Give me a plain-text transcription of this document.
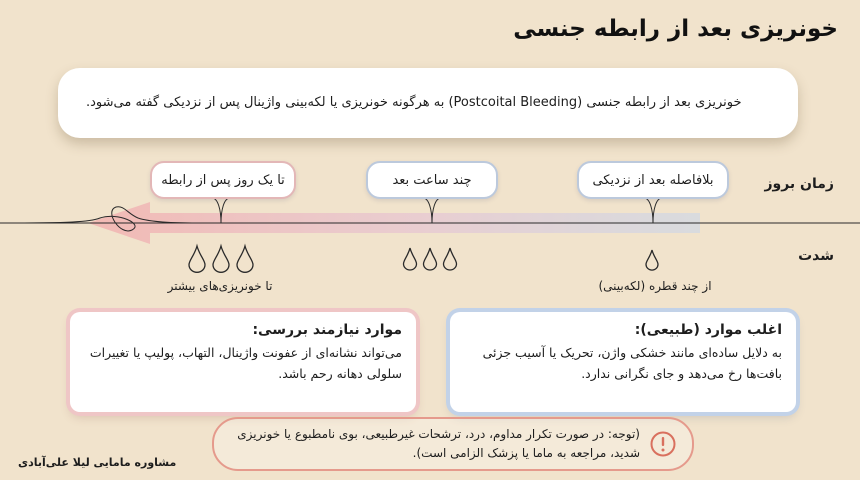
خونریزی بعد از رابطه جنسی
خونریزی بعد از رابطه جنسی (Postcoital Bleeding) به هرگونه خونریزی یا لکه‌بینی واژینال پس از نزدیکی گفته می‌شود.
بلافاصله بعد از نزدیکی
چند ساعت بعد
تا یک روز پس از رابطه	زمان بروز
شدت
از چند قطره (لکه‌بینی)
تا خونریزی‌های بیشتر
اغلب موارد (طبیعی):
به دلایل ساده‌ای مانند خشکی واژن، تحریک یا آسیب جزئی بافت‌ها رخ می‌دهد و جای نگرانی ندارد.
موارد نیازمند بررسی:
می‌تواند نشانه‌ای از عفونت واژینال، التهاب، پولیپ یا تغییرات سلولی دهانه رحم باشد.
(توجه: در صورت تکرار مداوم، درد، ترشحات غیرطبیعی، بوی نامطبوع یا خونریزی شدید، مراجعه به ماما یا پزشک الزامی است).
مشاوره مامایی لیلا علی‌آبادی
